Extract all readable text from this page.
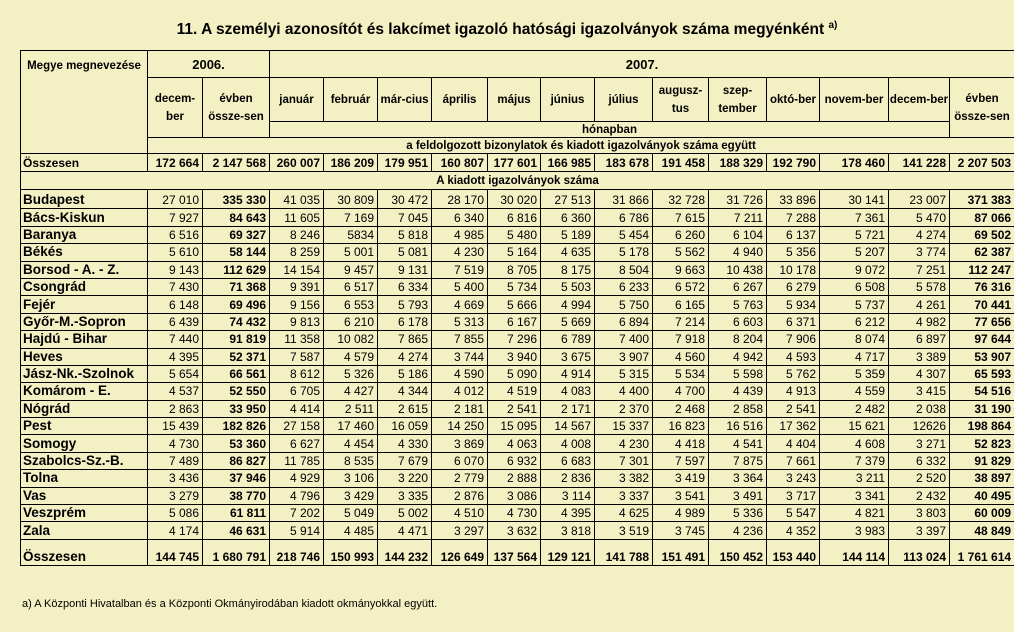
11. A személyi azonosítót és lakcímet igazoló hatósági igazolványok száma megyénként $^{a)}$
Megye megnevezése	2006.		2007.												
	decem-ber	évben össze-sen	január	február	már-cius	április	május	június	július	augusz-tus	szep-tember	októ-ber	novem-ber	decem-ber	évben össze-sen
			hónapban												
	a feldolgozott bizonylatok és kiadott igazolványok száma együtt														
Összesen	172 664	2 147 568	260 007	186 209	179 951	160 807	177 601	166 985	183 678	191 458	188 329	192 790	178 460	141 228	2 207 503
A kiadott igazolványok száma															
Budapest	27 010	335 330	41 035	30 809	30 472	28 170	30 020	27 513	31 866	32 728	31 726	33 896	30 141	23 007	371 383
Bács-Kiskun	7 927	84 643	11 605	7 169	7 045	6 340	6 816	6 360	6 786	7 615	7 211	7 288	7 361	5 470	87 066
Baranya	6 516	69 327	8 246	5834	5 818	4 985	5 480	5 189	5 454	6 260	6 104	6 137	5 721	4 274	69 502
Békés	5 610	58 144	8 259	5 001	5 081	4 230	5 164	4 635	5 178	5 562	4 940	5 356	5 207	3 774	62 387
Borsod - A. - Z.	9 143	112 629	14 154	9 457	9 131	7 519	8 705	8 175	8 504	9 663	10 438	10 178	9 072	7 251	112 247
Csongrád	7 430	71 368	9 391	6 517	6 334	5 400	5 734	5 503	6 233	6 572	6 267	6 279	6 508	5 578	76 316
Fejér	6 148	69 496	9 156	6 553	5 793	4 669	5 666	4 994	5 750	6 165	5 763	5 934	5 737	4 261	70 441
Győr-M.-Sopron	6 439	74 432	9 813	6 210	6 178	5 313	6 167	5 669	6 894	7 214	6 603	6 371	6 212	4 982	77 656
Hajdú - Bihar	7 440	91 819	11 358	10 082	7 865	7 855	7 296	6 789	7 400	7 918	8 204	7 906	8 074	6 897	97 644
Heves	4 395	52 371	7 587	4 579	4 274	3 744	3 940	3 675	3 907	4 560	4 942	4 593	4 717	3 389	53 907
Jász-Nk.-Szolnok	5 654	66 561	8 612	5 326	5 186	4 590	5 090	4 914	5 315	5 534	5 598	5 762	5 359	4 307	65 593
Komárom - E.	4 537	52 550	6 705	4 427	4 344	4 012	4 519	4 083	4 400	4 700	4 439	4 913	4 559	3 415	54 516
Nógrád	2 863	33 950	4 414	2 511	2 615	2 181	2 541	2 171	2 370	2 468	2 858	2 541	2 482	2 038	31 190
Pest	15 439	182 826	27 158	17 460	16 059	14 250	15 095	14 567	15 337	16 823	16 516	17 362	15 621	12626	198 864
Somogy	4 730	53 360	6 627	4 454	4 330	3 869	4 063	4 008	4 230	4 418	4 541	4 404	4 608	3 271	52 823
Szabolcs-Sz.-B.	7 489	86 827	11 785	8 535	7 679	6 070	6 932	6 683	7 301	7 597	7 875	7 661	7 379	6 332	91 829
Tolna	3 436	37 946	4 929	3 106	3 220	2 779	2 888	2 836	3 382	3 419	3 364	3 243	3 211	2 520	38 897
Vas	3 279	38 770	4 796	3 429	3 335	2 876	3 086	3 114	3 337	3 541	3 491	3 717	3 341	2 432	40 495
Veszprém	5 086	61 811	7 202	5 049	5 002	4 510	4 730	4 395	4 625	4 989	5 336	5 547	4 821	3 803	60 009
Zala	4 174	46 631	5 914	4 485	4 471	3 297	3 632	3 818	3 519	3 745	4 236	4 352	3 983	3 397	48 849

Összesen	144 745	1 680 791	218 746	150 993	144 232	126 649	137 564	129 121	141 788	151 491	150 452	153 440	144 114	113 024	1 761 614
a) A Központi Hivatalban és a Központi Okmányirodában kiadott okmányokkal együtt.
